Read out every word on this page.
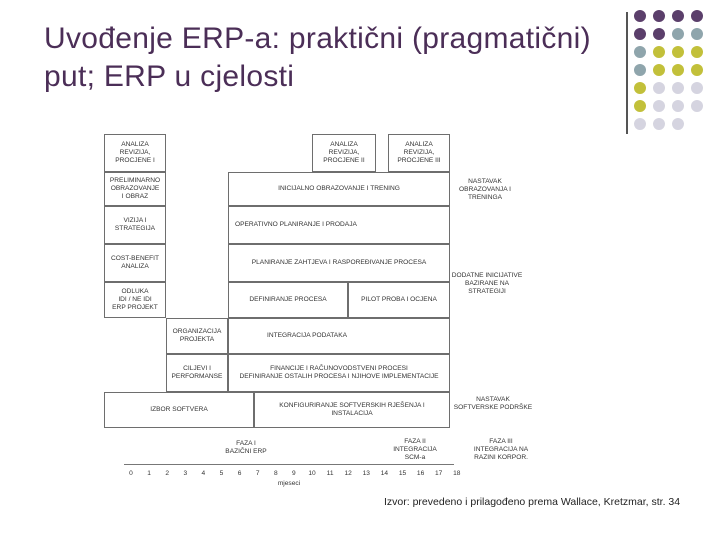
Uvođenje ERP-a: praktični (pragmatični) put; ERP u cjelosti
ANALIZA
REVIZIJA,
PROCJENE I
PRELIMINARNO
OBRAZOVANJE
I OBRAZ
VIZIJA I
STRATEGIJA
COST-BENEFIT
ANALIZA
ODLUKA
IDI / NE IDI
ERP PROJEKT
ANALIZA
REVIZIJA,
PROCJENE II
ANALIZA
REVIZIJA,
PROCJENE III
INICIJALNO OBRAZOVANJE I TRENING
OPERATIVNO PLANIRANJE I PRODAJA
PLANIRANJE ZAHTJEVA I RASPOREĐIVANJE PROCESA
DEFINIRANJE PROCESA	PILOT PROBA I OCJENA
ORGANIZACIJA
PROJEKTA
INTEGRACIJA PODATAKA
CILJEVI I
PERFORMANSE
FINANCIJE I RAČUNOVODSTVENI PROCESI
DEFINIRANJE OSTALIH PROCESA I NJIHOVE IMPLEMENTACIJE
IZBOR SOFTVERA
KONFIGURIRANJE SOFTVERSKIH RJEŠENJA I
INSTALACIJA
NASTAVAK
OBRAZOVANJA I
TRENINGA
DODATNE INICIJATIVE
BAZIRANE NA
STRATEGIJI
NASTAVAK
SOFTVERSKE PODRŠKE
FAZA I
BAZIČNI ERP
FAZA II
INTEGRACIJA
SCM-a
FAZA III
INTEGRACIJA NA
RAZINI KORPOR.
0	1	2	3	4	5	6	7	8	9	10	11	12	13	14	15	16	17	18
mjeseci
Izvor: prevedeno i prilagođeno prema Wallace, Kretzmar, str. 34
